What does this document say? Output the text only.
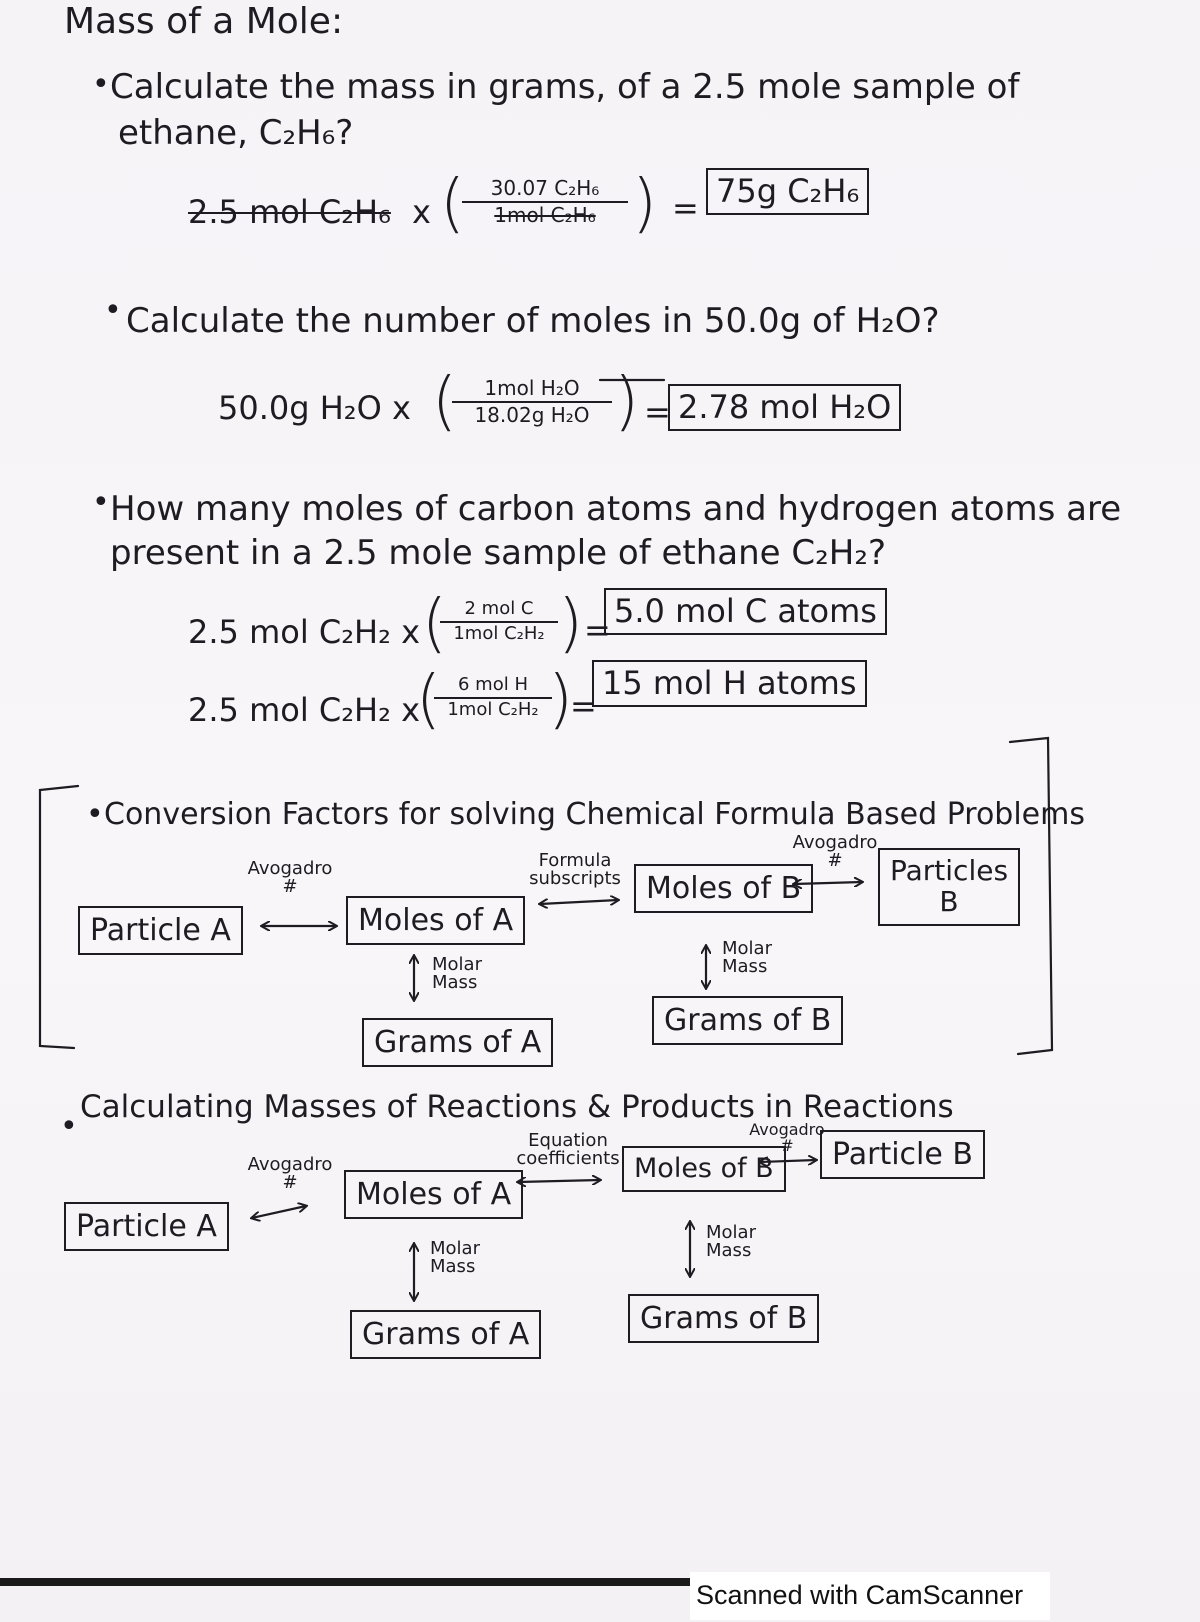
Mass of a Mole:
• Calculate the mass in grams, of a 2.5 mole sample of
ethane, C₂H₆?
2.5 mol C₂H₆ x (	30.07 C₂H₆
1mol C₂H₆ ) = 75g C₂H₆
• Calculate the number of moles in 50.0g of H₂O?
50.0g H₂O x (	1mol H₂O
18.02g H₂O ) = 2.78 mol H₂O
• How many moles of carbon atoms and hydrogen atoms are
present in a 2.5 mole sample of ethane C₂H₂?
2.5 mol C₂H₂ x ( 2 mol C
1mol C₂H₂ ) = 5.0 mol C atoms
2.5 mol C₂H₂ x
( 6 mol H
1mol C₂H₂ )
=
15 mol H atoms
• Conversion Factors for solving Chemical Formula Based Problems
Particle A	Moles of A
Grams of A
Moles of B
Grams of B
Particles
B
Avogadro
#
Formula
subscripts
Avogadro
#
Molar
Mass
Molar
Mass
•
Calculating Masses of Reactions & Products in Reactions
Particle A
Moles of A
Grams of A
Moles of B
Grams of B
Particle B
Avogadro
#
Equation
coefficients
Avogadro
#
Molar
Mass
Molar
Mass
Scanned with CamScanner
